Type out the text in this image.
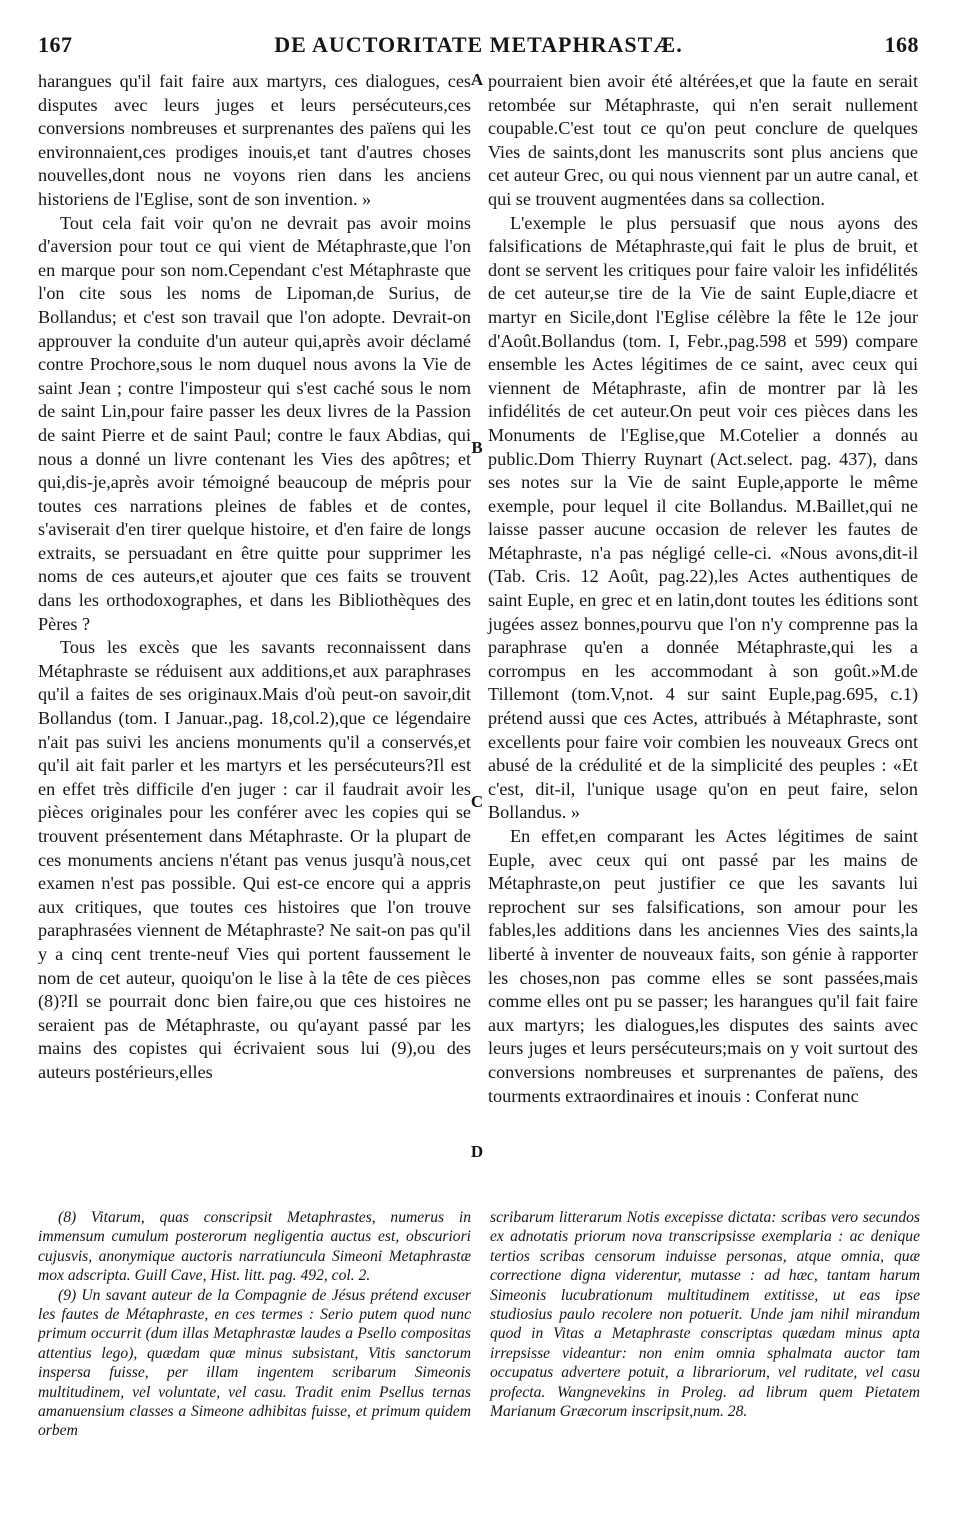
167	DE AUCTORITATE METAPHRASTÆ.	168

harangues qu'il fait faire aux martyrs, ces dialogues, ces disputes avec leurs juges et leurs persécuteurs,ces conversions nombreuses et surprenantes des païens qui les environnaient,ces prodiges inouis,et tant d'autres choses nouvelles,dont nous ne voyons rien dans les anciens historiens de l'Eglise, sont de son invention. »

Tout cela fait voir qu'on ne devrait pas avoir moins d'aversion pour tout ce qui vient de Métaphraste,que l'on en marque pour son nom.Cependant c'est Métaphraste que l'on cite sous les noms de Lipoman,de Surius, de Bollandus; et c'est son travail que l'on adopte. Devrait-on approuver la conduite d'un auteur qui,après avoir déclamé contre Prochore,sous le nom duquel nous avons la Vie de saint Jean ; contre l'imposteur qui s'est caché sous le nom de saint Lin,pour faire passer les deux livres de la Passion de saint Pierre et de saint Paul; contre le faux Abdias, qui nous a donné un livre contenant les Vies des apôtres; et qui,dis-je,après avoir témoigné beaucoup de mépris pour toutes ces narrations pleines de fables et de contes, s'aviserait d'en tirer quelque histoire, et d'en faire de longs extraits, se persuadant en être quitte pour supprimer les noms de ces auteurs,et ajouter que ces faits se trouvent dans les orthodoxographes, et dans les Bibliothèques des Pères ?

Tous les excès que les savants reconnaissent dans Métaphraste se réduisent aux additions,et aux paraphrases qu'il a faites de ses originaux.Mais d'où peut-on savoir,dit Bollandus (tom. I Januar.,pag. 18,col.2),que ce légendaire n'ait pas suivi les anciens monuments qu'il a conservés,et qu'il ait fait parler et les martyrs et les persécuteurs?Il est en effet très difficile d'en juger : car il faudrait avoir les pièces originales pour les conférer avec les copies qui se trouvent présentement dans Métaphraste. Or la plupart de ces monuments anciens n'étant pas venus jusqu'à nous,cet examen n'est pas possible. Qui est-ce encore qui a appris aux critiques, que toutes ces histoires que l'on trouve paraphrasées viennent de Métaphraste? Ne sait-on pas qu'il y a cinq cent trente-neuf Vies qui portent faussement le nom de cet auteur, quoiqu'on le lise à la tête de ces pièces (8)?Il se pourrait donc bien faire,ou que ces histoires ne seraient pas de Métaphraste, ou qu'ayant passé par les mains des copistes qui écrivaient sous lui (9),ou des auteurs postérieurs,elles

A
B
C
D

pourraient bien avoir été altérées,et que la faute en serait retombée sur Métaphraste, qui n'en serait nullement coupable.C'est tout ce qu'on peut conclure de quelques Vies de saints,dont les manuscrits sont plus anciens que cet auteur Grec, ou qui nous viennent par un autre canal, et qui se trouvent augmentées dans sa collection.

L'exemple le plus persuasif que nous ayons des falsifications de Métaphraste,qui fait le plus de bruit, et dont se servent les critiques pour faire valoir les infidélités de cet auteur,se tire de la Vie de saint Euple,diacre et martyr en Sicile,dont l'Eglise célèbre la fête le 12e jour d'Août.Bollandus (tom. I, Febr.,pag.598 et 599) compare ensemble les Actes légitimes de ce saint, avec ceux qui viennent de Métaphraste, afin de montrer par là les infidélités de cet auteur.On peut voir ces pièces dans les Monuments de l'Eglise,que M.Cotelier a donnés au public.Dom Thierry Ruynart (Act.select. pag. 437), dans ses notes sur la Vie de saint Euple,apporte le même exemple, pour lequel il cite Bollandus. M.Baillet,qui ne laisse passer aucune occasion de relever les fautes de Métaphraste, n'a pas négligé celle-ci. «Nous avons,dit-il (Tab. Cris. 12 Août, pag.22),les Actes authentiques de saint Euple, en grec et en latin,dont toutes les éditions sont jugées assez bonnes,pourvu que l'on n'y comprenne pas la paraphrase qu'en a donnée Métaphraste,qui les a corrompus en les accommodant à son goût.»M.de Tillemont (tom.V,not. 4 sur saint Euple,pag.695, c.1) prétend aussi que ces Actes, attribués à Métaphraste, sont excellents pour faire voir combien les nouveaux Grecs ont abusé de la crédulité et de la simplicité des peuples : «Et c'est, dit-il, l'unique usage qu'on en peut faire, selon Bollandus. »

En effet,en comparant les Actes légitimes de saint Euple, avec ceux qui ont passé par les mains de Métaphraste,on peut justifier ce que les savants lui reprochent sur ses falsifications, son amour pour les fables,les additions dans les anciennes Vies des saints,la liberté à inventer de nouveaux faits, son génie à rapporter les choses,non pas comme elles se sont passées,mais comme elles ont pu se passer; les harangues qu'il fait faire aux martyrs; les dialogues,les disputes des saints avec leurs juges et leurs persécuteurs;mais on y voit surtout des conversions nombreuses et surprenantes de païens, des tourments extraordinaires et inouis : Conferat nunc

(8) Vitarum, quas conscripsit Metaphrastes, numerus in immensum cumulum posterorum negligentia auctus est, obscuriori cujusvis, anonymique auctoris narratiuncula Simeoni Metaphrastæ mox adscripta. Guill Cave, Hist. litt. pag. 492, col. 2.

(9) Un savant auteur de la Compagnie de Jésus prétend excuser les fautes de Métaphraste, en ces termes : Serio putem quod nunc primum occurrit (dum illas Metaphrastæ laudes a Psello compositas attentius lego), quædam quæ minus subsistant, Vitis sanctorum inspersa fuisse, per illam ingentem scribarum Simeonis multitudinem, vel voluntate, vel casu. Tradit enim Psellus ternas amanuensium classes a Simeone adhibitas fuisse, et primum quidem orbem

scribarum litterarum Notis excepisse dictata: scribas vero secundos ex adnotatis priorum nova transcripsisse exemplaria : ac denique tertios scribas censorum induisse personas, atque omnia, quæ correctione digna viderentur, mutasse : ad hæc, tantam harum Simeonis lucubrationum multitudinem extitisse, ut eas ipse studiosius paulo recolere non potuerit. Unde jam nihil mirandum quod in Vitas a Metaphraste conscriptas quædam minus apta irrepsisse videantur: non enim omnia sphalmata auctor tam occupatus advertere potuit, a librariorum, vel ruditate, vel casu profecta. Wangnevekins in Proleg. ad librum quem Pietatem Marianum Græcorum inscripsit,num. 28.
